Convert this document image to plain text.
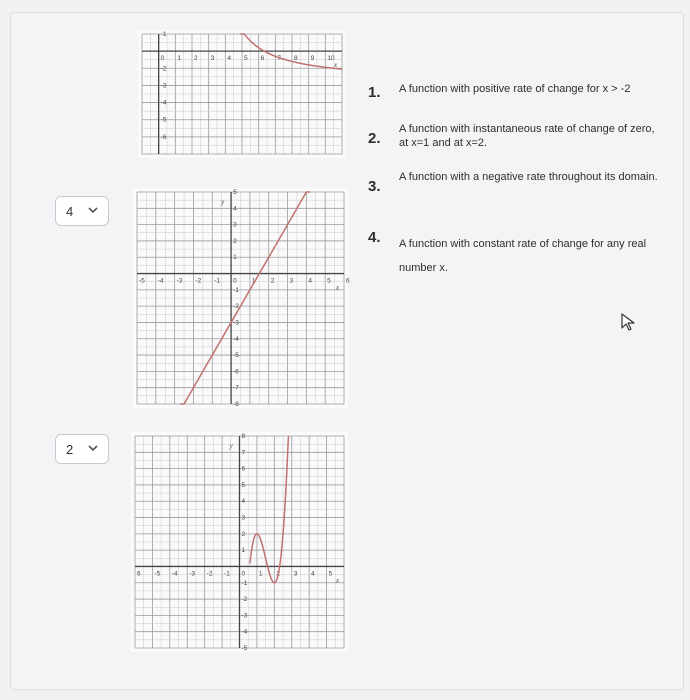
0 1 2 3 4 5 6 7 8 9 10
-1
-2
-3
-4
-5
-6
x
-5 -4 -3 -2 -1 0 1 2 3 4 5 6
5
4
3
2
1
-1
-2
-3
-4
-5
-6
-7
-8
x
y
4
6 -5 -4 -3 -2 -1 0 1 2 3 4 5
8
7
6
5
4
3
2
1
-1
-2
-3
-4
-5
x
y
2
1. A function with positive rate of change for x > -2
2.
A function with instantaneous rate of change of zero, at x=1 and at x=2.
3.
A function with a negative rate throughout its domain.
4. A function with constant rate of change for any real number x.
